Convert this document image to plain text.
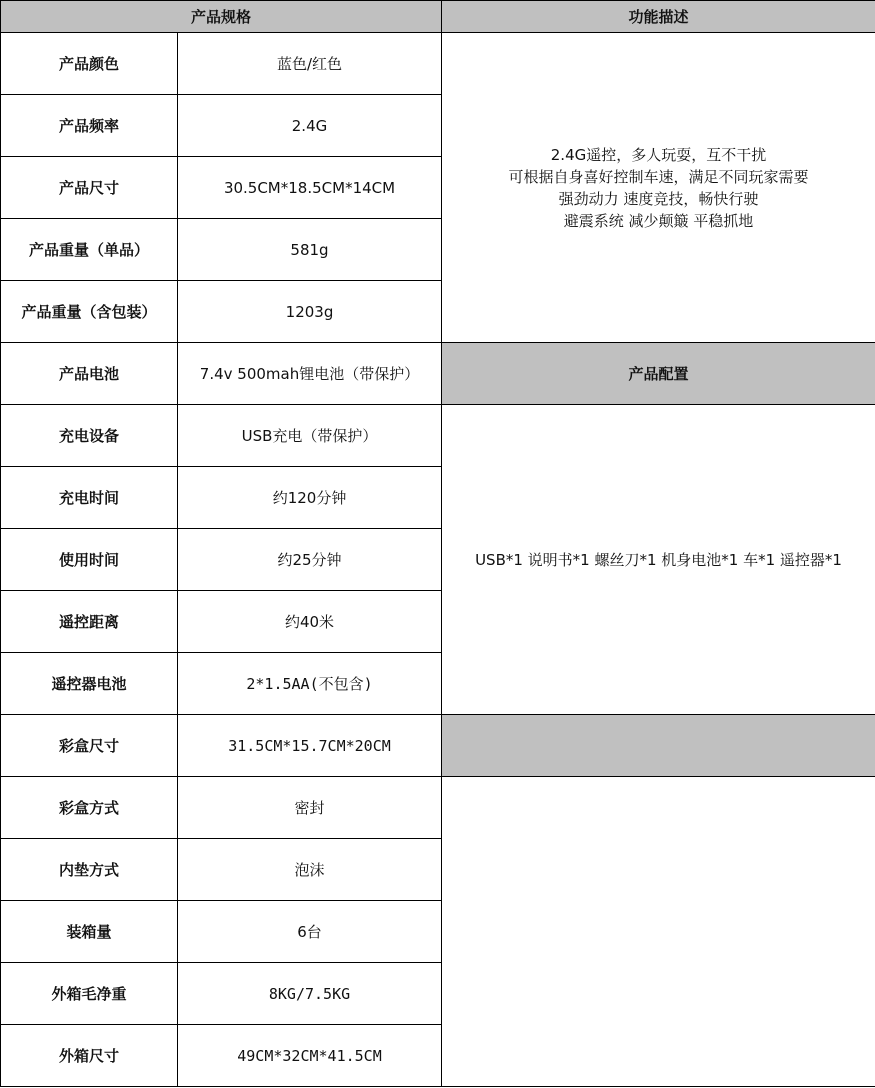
产品规格		功能描述
产品颜色	蓝色/红色	2.4G遥控，多人玩耍，互不干扰
可根据自身喜好控制车速，满足不同玩家需要
强劲动力 速度竞技，畅快行驶
避震系统 减少颠簸 平稳抓地

产品频率	2.4G	
产品尺寸	30.5CM*18.5CM*14CM	
产品重量（单品）	581g	
产品重量（含包装）	1203g	
产品电池	7.4v 500mah锂电池（带保护）	产品配置
充电设备	USB充电（带保护）	USB*1 说明书*1 螺丝刀*1 机身电池*1 车*1 遥控器*1
充电时间	约120分钟	
使用时间	约25分钟	
遥控距离	约40米	
遥控器电池	2*1.5AA(不包含)	
彩盒尺寸	31.5CM*15.7CM*20CM	
彩盒方式	密封	
内垫方式	泡沫	
装箱量	6台	
外箱毛净重	8KG/7.5KG	
外箱尺寸	49CM*32CM*41.5CM	
